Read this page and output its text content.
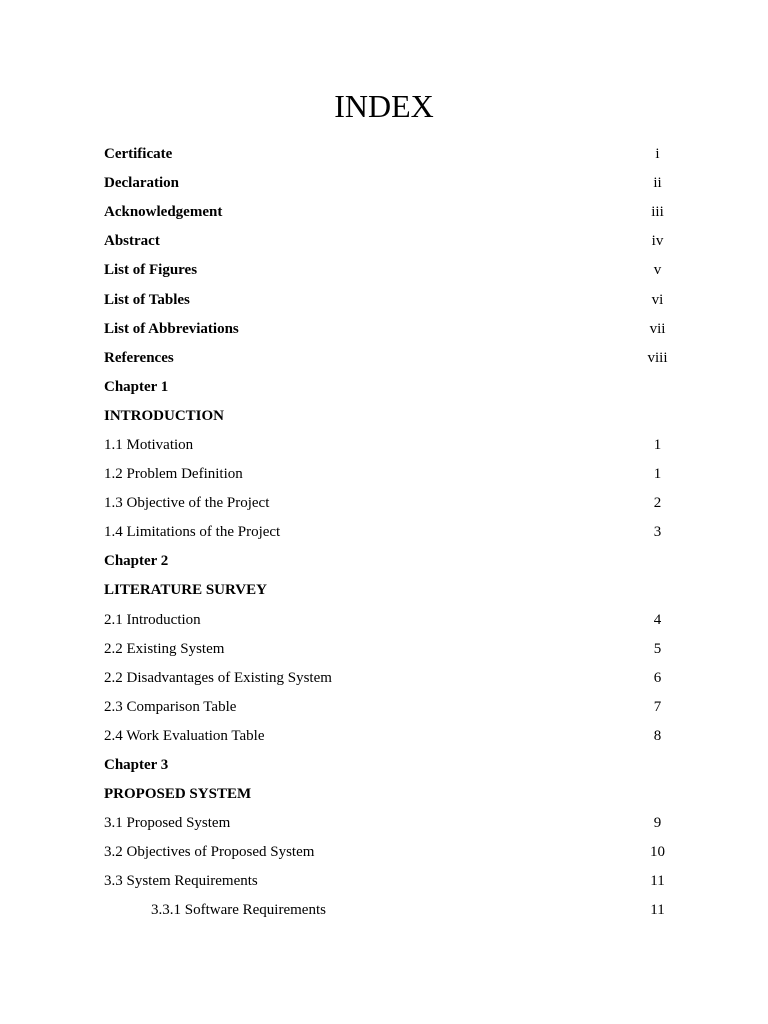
INDEX
Certificate	i
Declaration	ii
Acknowledgement	iii
Abstract	iv
List of Figures	v
List of Tables	vi
List of Abbreviations	vii
References	viii
Chapter 1
INTRODUCTION
1.1 Motivation	1
1.2 Problem Definition	1
1.3 Objective of the Project	2
1.4 Limitations of the Project	3
Chapter 2
LITERATURE SURVEY
2.1 Introduction	4
2.2 Existing System	5
2.2 Disadvantages of Existing System	6
2.3 Comparison Table	7
2.4 Work Evaluation Table	8
Chapter 3
PROPOSED SYSTEM
3.1 Proposed System	9
3.2 Objectives of Proposed System	10
3.3 System Requirements	11
3.3.1 Software Requirements	11
